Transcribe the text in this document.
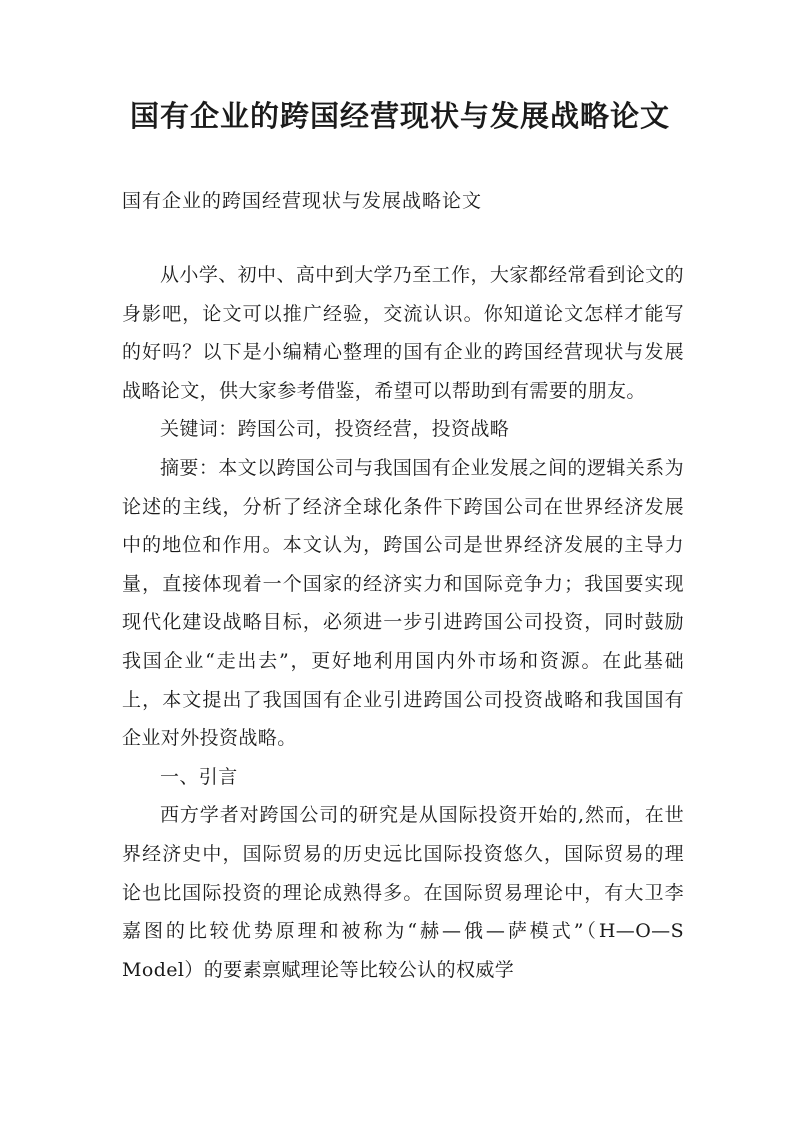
国有企业的跨国经营现状与发展战略论文

国有企业的跨国经营现状与发展战略论文

从小学、初中、高中到大学乃至工作，大家都经常看到论文的身影吧，论文可以推广经验，交流认识。你知道论文怎样才能写的好吗？以下是小编精心整理的国有企业的跨国经营现状与发展战略论文，供大家参考借鉴，希望可以帮助到有需要的朋友。

关键词：跨国公司，投资经营，投资战略

摘要：本文以跨国公司与我国国有企业发展之间的逻辑关系为论述的主线，分析了经济全球化条件下跨国公司在世界经济发展中的地位和作用。本文认为，跨国公司是世界经济发展的主导力量，直接体现着一个国家的经济实力和国际竞争力；我国要实现现代化建设战略目标，必须进一步引进跨国公司投资，同时鼓励我国企业“走出去”，更好地利用国内外市场和资源。在此基础上，本文提出了我国国有企业引进跨国公司投资战略和我国国有企业对外投资战略。

一、引言

西方学者对跨国公司的研究是从国际投资开始的,然而，在世界经济史中，国际贸易的历史远比国际投资悠久，国际贸易的理论也比国际投资的理论成熟得多。在国际贸易理论中，有大卫李嘉图的比较优势原理和被称为“赫—俄—萨模式”（H—O—S Model）的要素禀赋理论等比较公认的权威学
